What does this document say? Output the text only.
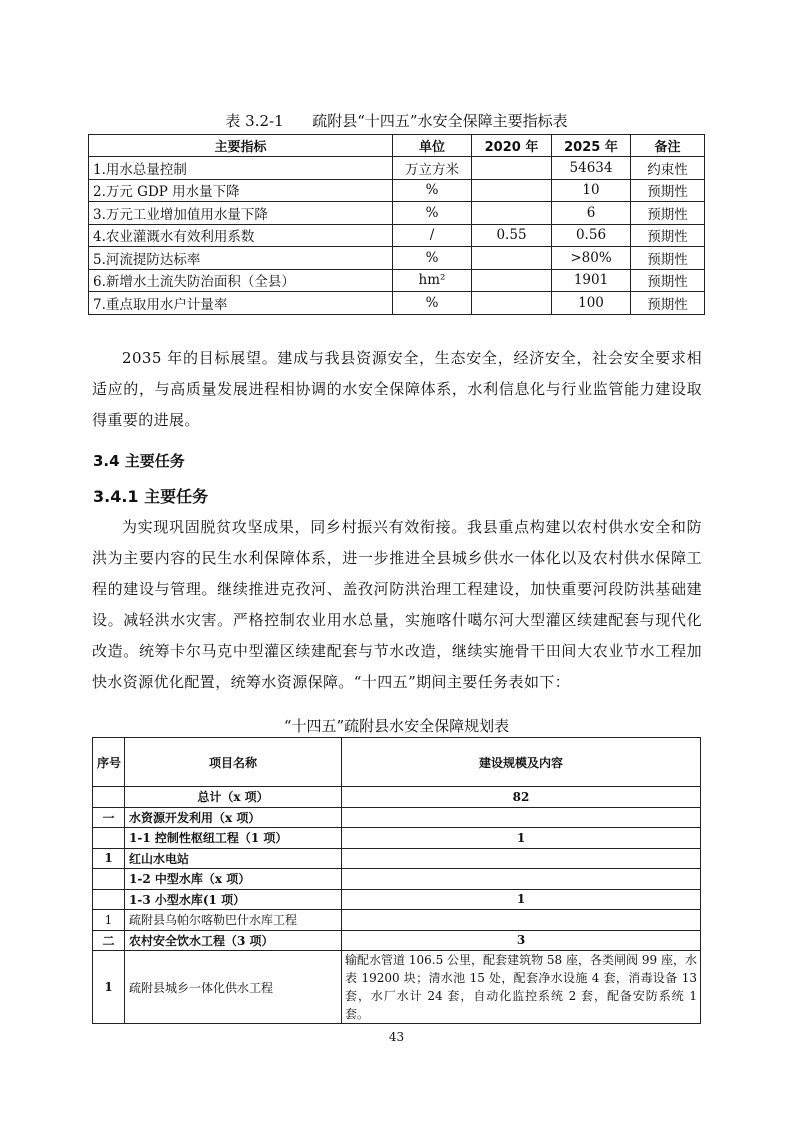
表 3.2-1      疏附县“十四五”水安全保障主要指标表
主要指标	单位	2020 年	2025 年	备注
1.用水总量控制	万立方米		54634	约束性
2.万元 GDP 用水量下降	%		10	预期性
3.万元工业增加值用水量下降	%		6	预期性
4.农业灌溉水有效利用系数	/	0.55	0.56	预期性
5.河流提防达标率	%		>80%	预期性
6.新增水土流失防治面积（全县）	hm²		1901	预期性
7.重点取用水户计量率	%		100	预期性

2035 年的目标展望。建成与我县资源安全，生态安全，经济安全，社会安全要求相适应的，与高质量发展进程相协调的水安全保障体系，水利信息化与行业监管能力建设取得重要的进展。

3.4 主要任务
3.4.1 主要任务

为实现巩固脱贫攻坚成果，同乡村振兴有效衔接。我县重点构建以农村供水安全和防洪为主要内容的民生水利保障体系，进一步推进全县城乡供水一体化以及农村供水保障工程的建设与管理。继续推进克孜河、盖孜河防洪治理工程建设，加快重要河段防洪基础建设。减轻洪水灾害。严格控制农业用水总量，实施喀什噶尔河大型灌区续建配套与现代化改造。统筹卡尔马克中型灌区续建配套与节水改造，继续实施骨干田间大农业节水工程加快水资源优化配置，统筹水资源保障。“十四五”期间主要任务表如下：

“十四五”疏附县水安全保障规划表
序号	项目名称	建设规模及内容
	总计（x 项）	82
一	水资源开发利用（x 项）	
	1-1 控制性枢纽工程（1 项）	1
1	红山水电站	
	1-2 中型水库（x 项）	
	1-3 小型水库(1 项）	1
1	疏附县乌帕尔喀勒巴什水库工程	
二	农村安全饮水工程（3 项）	3
1	疏附县城乡一体化供水工程	输配水管道 106.5 公里，配套建筑物 58 座，各类闸阀 99 座，水表 19200 块；清水池 15 处，配套净水设施 4 套，消毒设备 13 套，水厂水计 24 套，自动化监控系统 2 套，配备安防系统 1 套。
43
